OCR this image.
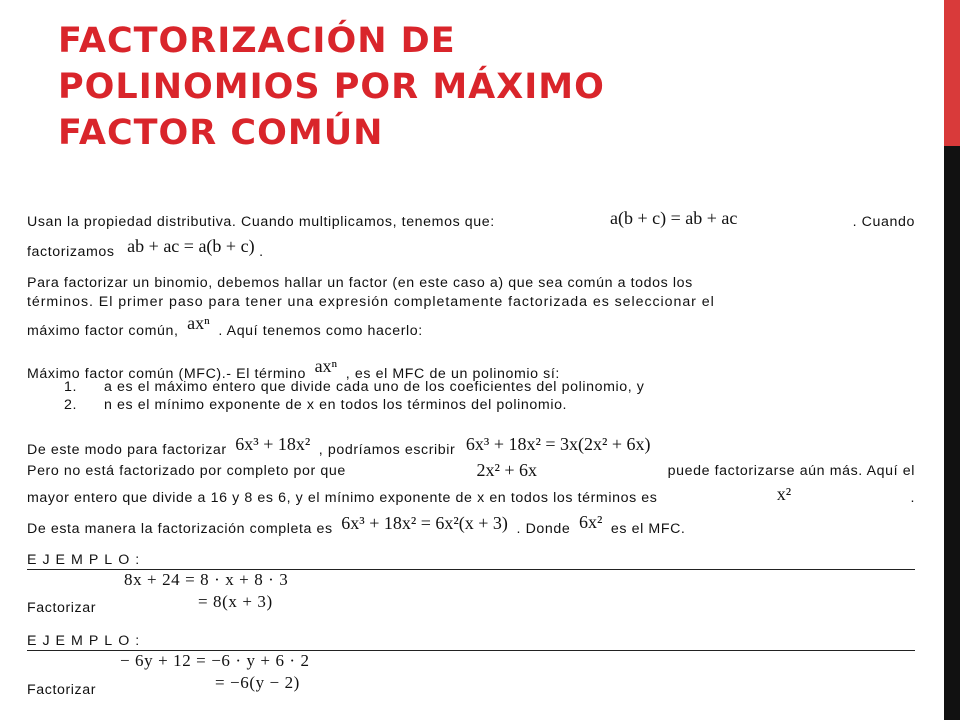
FACTORIZACIÓN DE
POLINOMIOS POR MÁXIMO
FACTOR COMÚN
Usan la propiedad distributiva. Cuando multiplicamos, tenemos que:	a(b + c) = ab + ac	. Cuando
factorizamos ab + ac = a(b + c) .
Para factorizar un binomio, debemos hallar un factor (en este caso a) que sea común a todos los
términos. El primer paso para tener una expresión completamente factorizada es seleccionar el
máximo factor común, axⁿ . Aquí tenemos como hacerlo:
Máximo factor común (MFC).- El término axⁿ , es el MFC de un polinomio sí:
1. a es el máximo entero que divide cada uno de los coeficientes del polinomio, y
2. n es el mínimo exponente de x en todos los términos del polinomio.
De este modo para factorizar 6x³ + 18x² , podríamos escribir 6x³ + 18x² = 3x(2x² + 6x)
Pero no está factorizado por completo por que	2x² + 6x	puede factorizarse aún más. Aquí el
mayor entero que divide a 16 y 8 es 6, y el mínimo exponente de x en todos los términos es	x²	.
De esta manera la factorización completa es 6x³ + 18x² = 6x²(x + 3) . Donde 6x² es el MFC.
EJEMPLO:
8x + 24 = 8 · x + 8 · 3
= 8(x + 3)
Factorizar
EJEMPLO:
− 6y + 12 = −6 · y + 6 · 2
= −6(y − 2)
Factorizar
